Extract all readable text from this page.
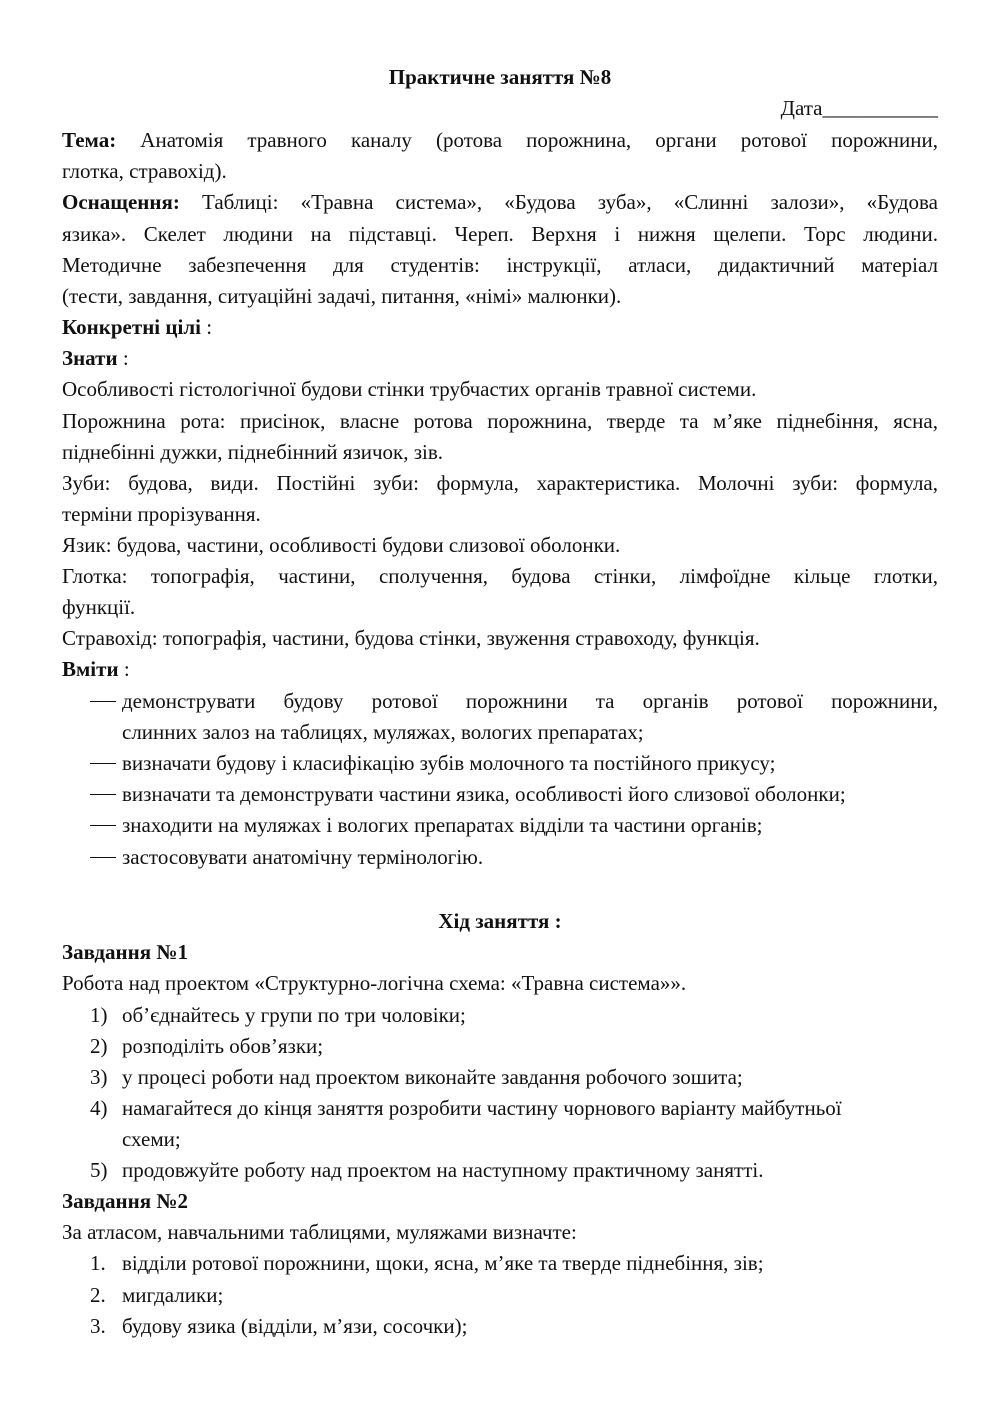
Практичне заняття №8
Дата___________
Тема: Анатомія травного каналу (ротова порожнина, органи ротової порожнини,
глотка, стравохід).
Оснащення: Таблиці: «Травна система», «Будова зуба», «Слинні залози», «Будова
язика». Скелет людини на підставці. Череп. Верхня і нижня щелепи. Торс людини.
Методичне забезпечення для студентів: інструкції, атласи, дидактичний матеріал
(тести, завдання, ситуаційні задачі, питання, «німі» малюнки).
Конкретні цілі :
Знати :
Особливості гістологічної будови стінки трубчастих органів травної системи.
Порожнина рота: присінок, власне ротова порожнина, тверде та м’яке піднебіння, ясна,
піднебінні дужки, піднебінний язичок, зів.
Зуби: будова, види. Постійні зуби: формула, характеристика. Молочні зуби: формула,
терміни прорізування.
Язик: будова, частини, особливості будови слизової оболонки.
Глотка: топографія, частини, сполучення, будова стінки, лімфоїдне кільце глотки,
функції.
Стравохід: топографія, частини, будова стінки, звуження стравоходу, функція.
Вміти :
демонструвати будову ротової порожнини та органів ротової порожнини,
слинних залоз на таблицях, муляжах, вологих препаратах;
визначати будову і класифікацію зубів молочного та постійного прикусу;
визначати та демонструвати частини язика, особливості його слизової оболонки;
знаходити на муляжах і вологих препаратах відділи та частини органів;
застосовувати анатомічну термінологію.
Хід заняття :
Завдання №1
Робота над проектом «Структурно-логічна схема: «Травна система»».
1) об’єднайтесь у групи по три чоловіки;
2) розподіліть обов’язки;
3) у процесі роботи над проектом виконайте завдання робочого зошита;
4) намагайтеся до кінця заняття розробити частину чорнового варіанту майбутньої
схеми;
5) продовжуйте роботу над проектом на наступному практичному занятті.
Завдання №2
За атласом, навчальними таблицями, муляжами визначте:
1. відділи ротової порожнини, щоки, ясна, м’яке та тверде піднебіння, зів;
2. мигдалики;
3. будову язика (відділи, м’язи, сосочки);
